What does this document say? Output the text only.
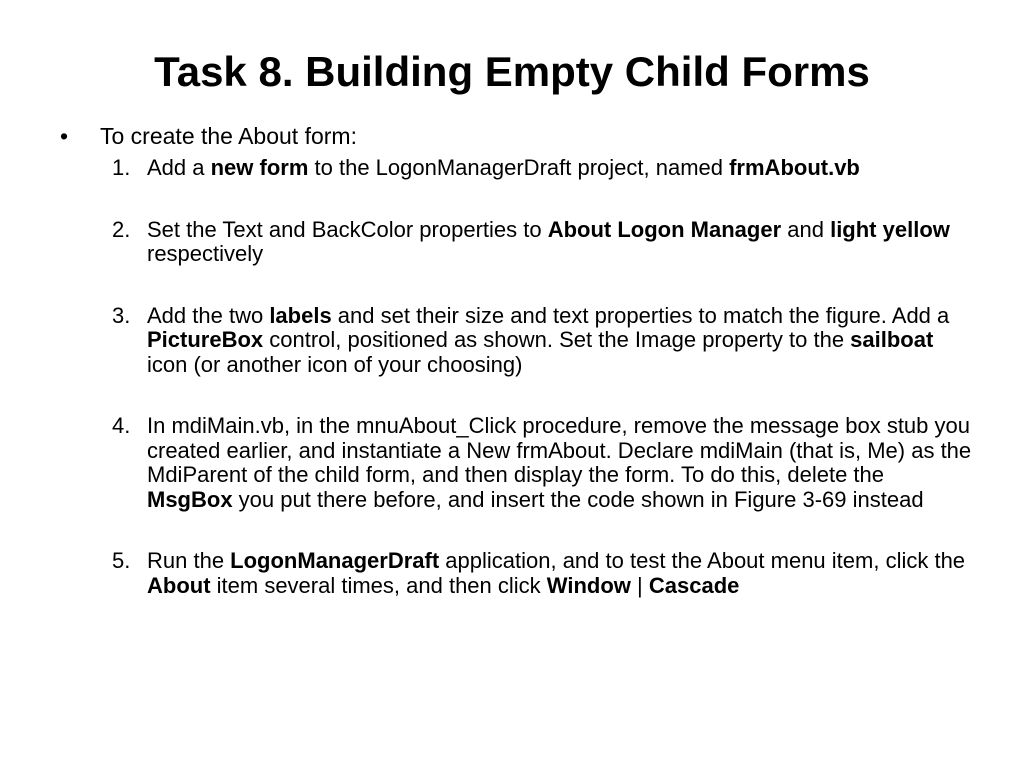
Task 8. Building Empty Child Forms
• To create the About form:
1. Add a new form to the LogonManagerDraft project, named frmAbout.vb
2. Set the Text and BackColor properties to About Logon Manager and light yellow respectively
3. Add the two labels and set their size and text properties to match the figure. Add a PictureBox control, positioned as shown. Set the Image property to the sailboat icon (or another icon of your choosing)
4. In mdiMain.vb, in the mnuAbout_Click procedure, remove the message box stub you created earlier, and instantiate a New frmAbout. Declare mdiMain (that is, Me) as the MdiParent of the child form, and then display the form. To do this, delete the MsgBox you put there before, and insert the code shown in Figure 3-69 instead
5. Run the LogonManagerDraft application, and to test the About menu item, click the About item several times, and then click Window | Cascade
